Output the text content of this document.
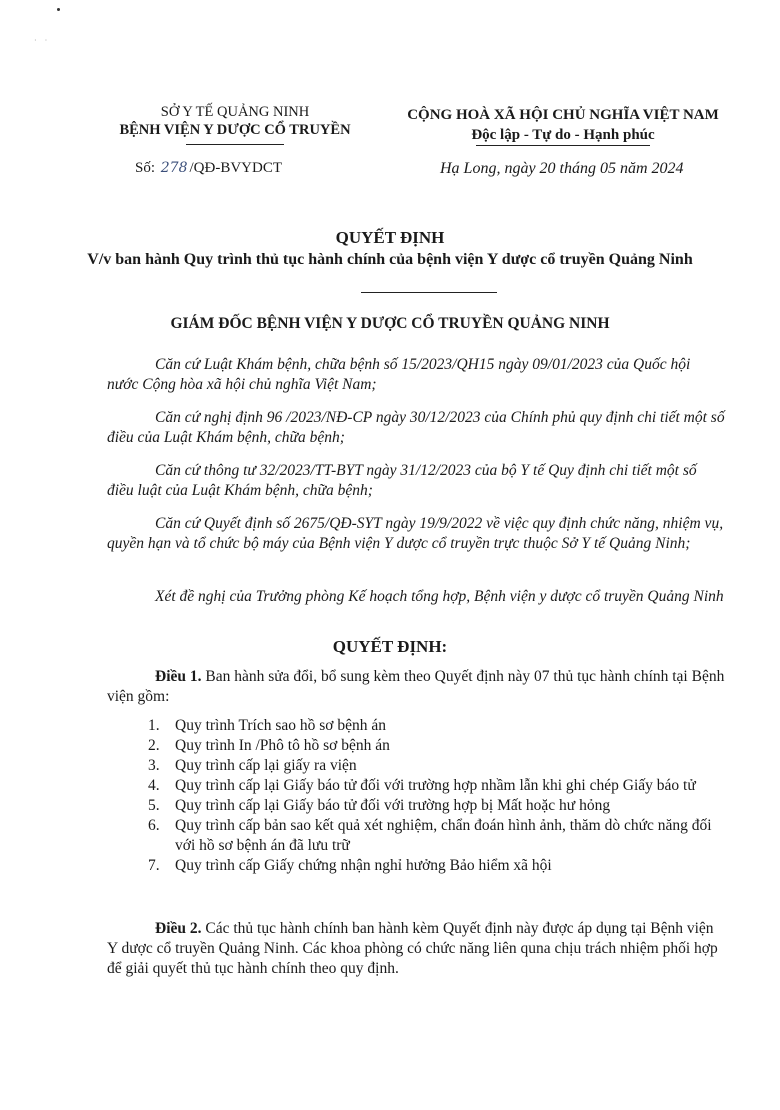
· ·
SỞ Y TẾ QUẢNG NINH
BỆNH VIỆN Y DƯỢC CỔ TRUYỀN
CỘNG HOÀ XÃ HỘI CHỦ NGHĨA VIỆT NAM
Độc lập - Tự do - Hạnh phúc
Số: 278 /QĐ-BVYDCT	Hạ Long, ngày 20 tháng 05 năm 2024
QUYẾT ĐỊNH
V/v ban hành Quy trình thủ tục hành chính của bệnh viện Y dược cổ truyền Quảng Ninh
GIÁM ĐỐC BỆNH VIỆN Y DƯỢC CỔ TRUYỀN QUẢNG NINH

Căn cứ Luật Khám bệnh, chữa bệnh số 15/2023/QH15 ngày 09/01/2023 của Quốc hội nước Cộng hòa xã hội chủ nghĩa Việt Nam;

Căn cứ nghị định 96 /2023/NĐ-CP ngày 30/12/2023 của Chính phủ quy định chi tiết một số điều của Luật Khám bệnh, chữa bệnh;

Căn cứ thông tư 32/2023/TT-BYT ngày 31/12/2023 của bộ Y tế Quy định chi tiết một số điều luật của Luật Khám bệnh, chữa bệnh;

Căn cứ Quyết định số 2675/QĐ-SYT ngày 19/9/2022 về việc quy định chức năng, nhiệm vụ, quyền hạn và tổ chức bộ máy của Bệnh viện Y dược cổ truyền trực thuộc Sở Y tế Quảng Ninh;

Xét đề nghị của Trưởng phòng Kế hoạch tổng hợp, Bệnh viện y dược cổ truyền Quảng Ninh

QUYẾT ĐỊNH:

Điều 1. Ban hành sửa đổi, bổ sung kèm theo Quyết định này 07 thủ tục hành chính tại Bệnh viện gồm:

1. Quy trình Trích sao hồ sơ bệnh án
2. Quy trình In /Phô tô hồ sơ bệnh án
3. Quy trình cấp lại giấy ra viện
4. Quy trình cấp lại Giấy báo tử đối với trường hợp nhầm lẫn khi ghi chép Giấy báo tử
5. Quy trình cấp lại Giấy báo tử đối với trường hợp bị Mất hoặc hư hỏng
6. Quy trình cấp bản sao kết quả xét nghiệm, chẩn đoán hình ảnh, thăm dò chức năng đối với hồ sơ bệnh án đã lưu trữ
7. Quy trình cấp Giấy chứng nhận nghỉ hưởng Bảo hiểm xã hội

Điều 2. Các thủ tục hành chính ban hành kèm Quyết định này được áp dụng tại Bệnh viện Y dược cổ truyền Quảng Ninh. Các khoa phòng có chức năng liên quna chịu trách nhiệm phối hợp để giải quyết thủ tục hành chính theo quy định.
